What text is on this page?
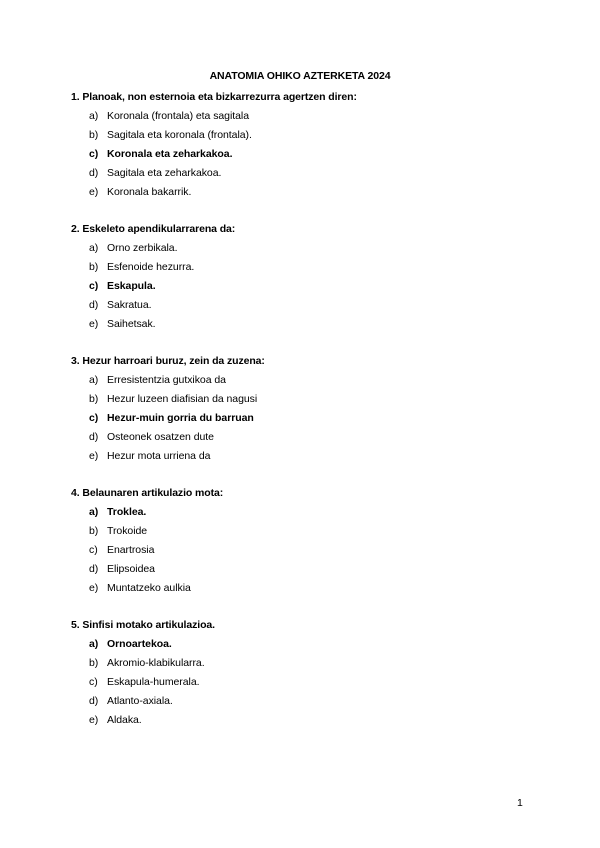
ANATOMIA OHIKO AZTERKETA 2024

1. Planoak, non esternoia eta bizkarrezurra agertzen diren:

a) Koronala (frontala) eta sagitala
b) Sagitala eta koronala (frontala).
c) Koronala eta zeharkakoa.
d) Sagitala eta zeharkakoa.
e) Koronala bakarrik.

2. Eskeleto apendikularrarena da:

a) Orno zerbikala.
b) Esfenoide hezurra.
c) Eskapula.
d) Sakratua.
e) Saihetsak.

3. Hezur harroari buruz, zein da zuzena:

a) Erresistentzia gutxikoa da
b) Hezur luzeen diafisian da nagusi
c) Hezur-muin gorria du barruan
d) Osteonek osatzen dute
e) Hezur mota urriena da

4. Belaunaren artikulazio mota:

a) Troklea.
b) Trokoide
c) Enartrosia
d) Elipsoidea
e) Muntatzeko aulkia

5. Sinfisi motako artikulazioa.

a) Ornoartekoa.
b) Akromio-klabikularra.
c) Eskapula-humerala.
d) Atlanto-axiala.
e) Aldaka.
1
